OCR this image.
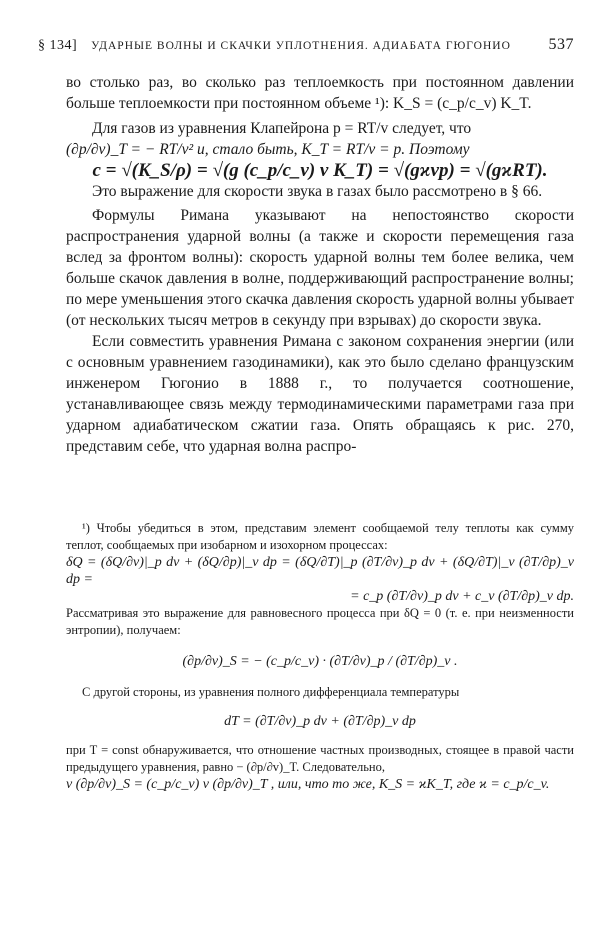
§ 134] УДАРНЫЕ ВОЛНЫ И СКАЧКИ УПЛОТНЕНИЯ. АДИАБАТА ГЮГОНИО	537

во столько раз, во сколько раз теплоемкость при постоянном давлении больше теплоемкости при постоянном объеме ¹): K_S = (c_p/c_v) K_T.

Для газов из уравнения Клапейрона p = RT/v следует, что

(∂p/∂v)_T = − RT/v² и, стало быть, K_T = RT/v = p. Поэтому

c = √(K_S/ρ) = √(g (c_p/c_v) v K_T) = √(gϰvp) = √(gϰRT).

Это выражение для скорости звука в газах было рассмотрено в § 66.

Формулы Римана указывают на непостоянство скорости распространения ударной волны (а также и скорости перемещения газа вслед за фронтом волны): скорость ударной волны тем более велика, чем больше скачок давления в волне, поддерживающий распространение волны; по мере уменьшения этого скачка давления скорость ударной волны убывает (от нескольких тысяч метров в секунду при взрывах) до скорости звука.

Если совместить уравнения Римана с законом сохранения энергии (или с основным уравнением газодинамики), как это было сделано французским инженером Гюгонио в 1888 г., то получается соотношение, устанавливающее связь между термодинамическими параметрами газа при ударном адиабатическом сжатии газа. Опять обращаясь к рис. 270, представим себе, что ударная волна распро-

¹) Чтобы убедиться в этом, представим элемент сообщаемой телу теплоты как сумму теплот, сообщаемых при изобарном и изохорном процессах:

δQ = (δQ/∂v)|_p dv + (δQ/∂p)|_v dp = (δQ/∂T)|_p (∂T/∂v)_p dv + (δQ/∂T)|_v (∂T/∂p)_v dp =

= c_p (∂T/∂v)_p dv + c_v (∂T/∂p)_v dp.

Рассматривая это выражение для равновесного процесса при δQ = 0 (т. е. при неизменности энтропии), получаем:

(∂p/∂v)_S = − (c_p/c_v) · (∂T/∂v)_p / (∂T/∂p)_v .

С другой стороны, из уравнения полного дифференциала температуры

dT = (∂T/∂v)_p dv + (∂T/∂p)_v dp

при T = const обнаруживается, что отношение частных производных, стоящее в правой части предыдущего уравнения, равно − (∂p/∂v)_T. Следовательно,

v (∂p/∂v)_S = (c_p/c_v) v (∂p/∂v)_T , или, что то же, K_S = ϰK_T, где ϰ = c_p/c_v.
